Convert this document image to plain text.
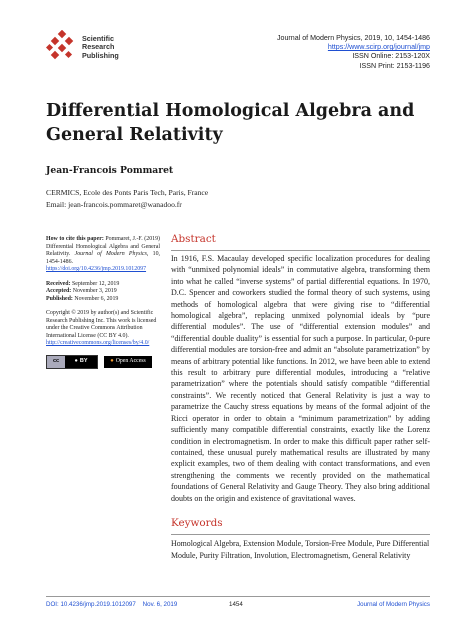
Scientific
Research
Publishing
Journal of Modern Physics, 2019, 10, 1454-1486
https://www.scirp.org/journal/jmp
ISSN Online: 2153-120X
ISSN Print: 2153-1196
Differential Homological Algebra and General Relativity
Jean-Francois Pommaret
CERMICS, Ecole des Ponts Paris Tech, Paris, France
Email: jean-francois.pommaret@wanadoo.fr

How to cite this paper: Pommaret, J.-F. (2019) Differential Homological Algebra and General Relativity. Journal of Modern Physics, 10, 1454-1486. https://doi.org/10.4236/jmp.2019.1012097

Received: September 12, 2019
Accepted: November 3, 2019
Published: November 6, 2019

Copyright © 2019 by author(s) and Scientific Research Publishing Inc. This work is licensed under the Creative Commons Attribution International License (CC BY 4.0).
http://creativecommons.org/licenses/by/4.0/

cc	● BY	● Open Access
Abstract

In 1916, F.S. Macaulay developed specific localization procedures for dealing with “unmixed polynomial ideals” in commutative algebra, transforming them into what he called “inverse systems” of partial differential equations. In 1970, D.C. Spencer and coworkers studied the formal theory of such systems, using methods of homological algebra that were giving rise to “differential homological algebra”, replacing unmixed polynomial ideals by “pure differential modules”. The use of “differential extension modules” and “differential double duality” is essential for such a purpose. In particular, 0-pure differential modules are torsion-free and admit an “absolute parametrization” by means of arbitrary potential like functions. In 2012, we have been able to extend this result to arbitrary pure differential modules, introducing a “relative parametrization” where the potentials should satisfy compatible “differential constraints”. We recently noticed that General Relativity is just a way to parametrize the Cauchy stress equations by means of the formal adjoint of the Ricci operator in order to obtain a “minimum parametrization” by adding sufficiently many compatible differential constraints, exactly like the Lorenz condition in electromagnetism. In order to make this difficult paper rather self-contained, these unusual purely mathematical results are illustrated by many explicit examples, two of them dealing with contact transformations, and even strengthening the comments we recently provided on the mathematical foundations of General Relativity and Gauge Theory. They also bring additional doubts on the origin and existence of gravitational waves.

Keywords

Homological Algebra, Extension Module, Torsion-Free Module, Pure Differential Module, Purity Filtration, Involution, Electromagnetism, General Relativity

DOI: 10.4236/jmp.2019.1012097    Nov. 6, 2019	1454	Journal of Modern Physics
